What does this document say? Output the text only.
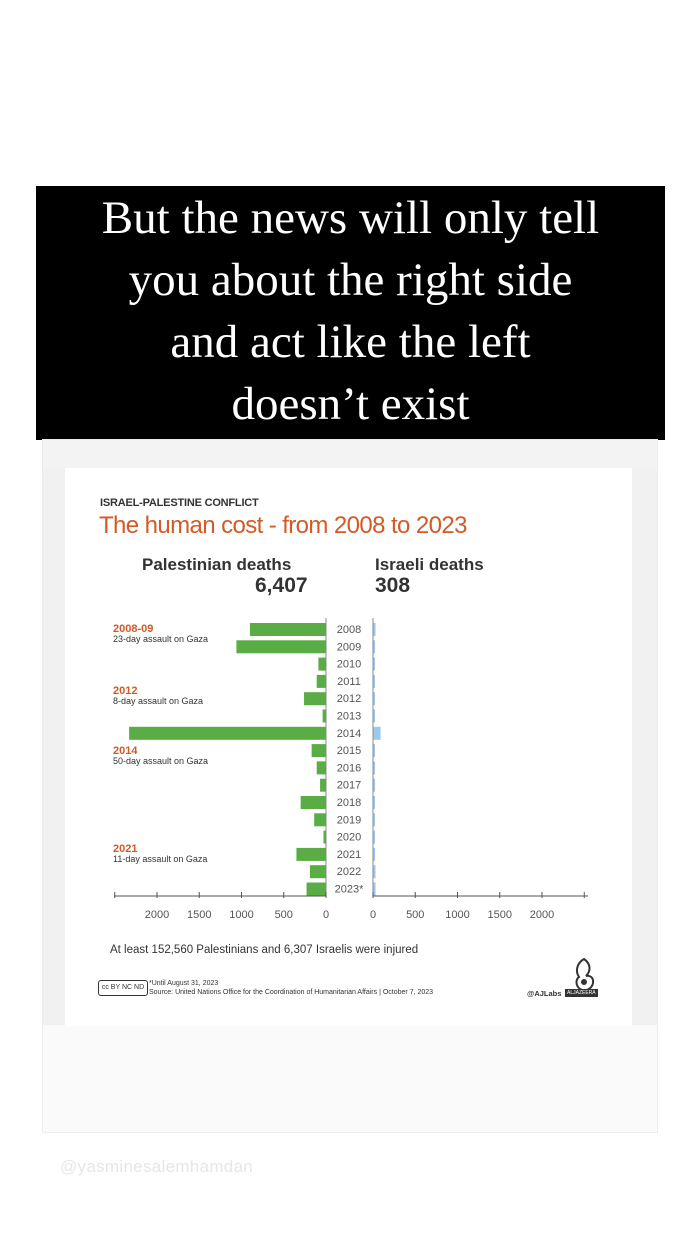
But the news will only tell
you about the right side
and act like the left
doesn’t exist
ISRAEL-PALESTINE CONFLICT
The human cost - from 2008 to 2023
Palestinian deaths
6,407
Israeli deaths
308
2008-09
23-day assault on Gaza
2012
8-day assault on Gaza
2014
50-day assault on Gaza
2021
11-day assault on Gaza
2008
2009
2010
2011
2012
2013
2014
2015
2016
2017
2018
2019
2020
2021
2022
2023*
2000 1500 1000 500	0	0	500 1000 1500 2000
At least 152,560 Palestinians and 6,307 Israelis were injured
cc BY NC ND
*Until August 31, 2023
Source: United Nations Office for the Coordination of Humanitarian Affairs | October 7, 2023	@AJLabs	ALJAZEERA
@yasminesalemhamdan
